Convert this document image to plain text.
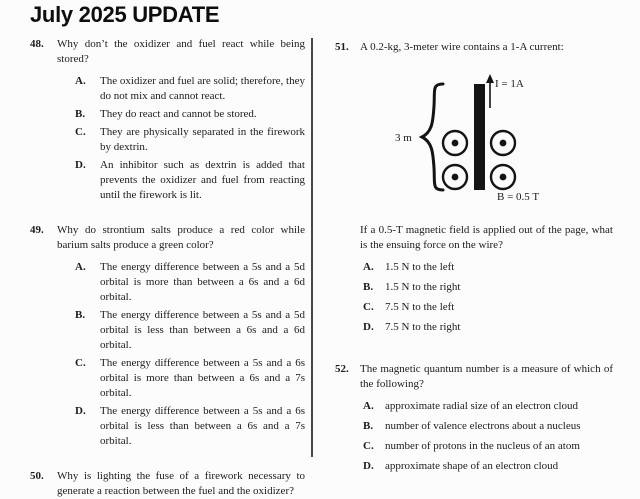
July 2025 UPDATE
48.	Why don’t the oxidizer and fuel react while being stored?
A.	The oxidizer and fuel are solid; therefore, they do not mix and cannot react.
B.	They do react and cannot be stored.
C.	They are physically separated in the firework by dextrin.
D.	An inhibitor such as dextrin is added that prevents the oxidizer and fuel from reacting until the firework is lit.
49.	Why do strontium salts produce a red color while barium salts produce a green color?
A.	The energy difference between a 5s and a 5d orbital is more than between a 6s and a 6d orbital.
B.	The energy difference between a 5s and a 5d orbital is less than between a 6s and a 6d orbital.
C.	The energy difference between a 5s and a 6s orbital is more than between a 6s and a 7s orbital.
D.	The energy difference between a 5s and a 6s orbital is less than between a 6s and a 7s orbital.
50.	Why is lighting the fuse of a firework necessary to generate a reaction between the fuel and the oxidizer?
51.	A 0.2-kg, 3-meter wire contains a 1-A current:
3 m
I = 1A
B = 0.5 T
If a 0.5-T magnetic field is applied out of the page, what is the ensuing force on the wire?
A.	1.5 N to the left
B.	1.5 N to the right
C.	7.5 N to the left
D.	7.5 N to the right
52.	The magnetic quantum number is a measure of which of the following?
A.	approximate radial size of an electron cloud
B.	number of valence electrons about a nucleus
C.	number of protons in the nucleus of an atom
D.	approximate shape of an electron cloud
